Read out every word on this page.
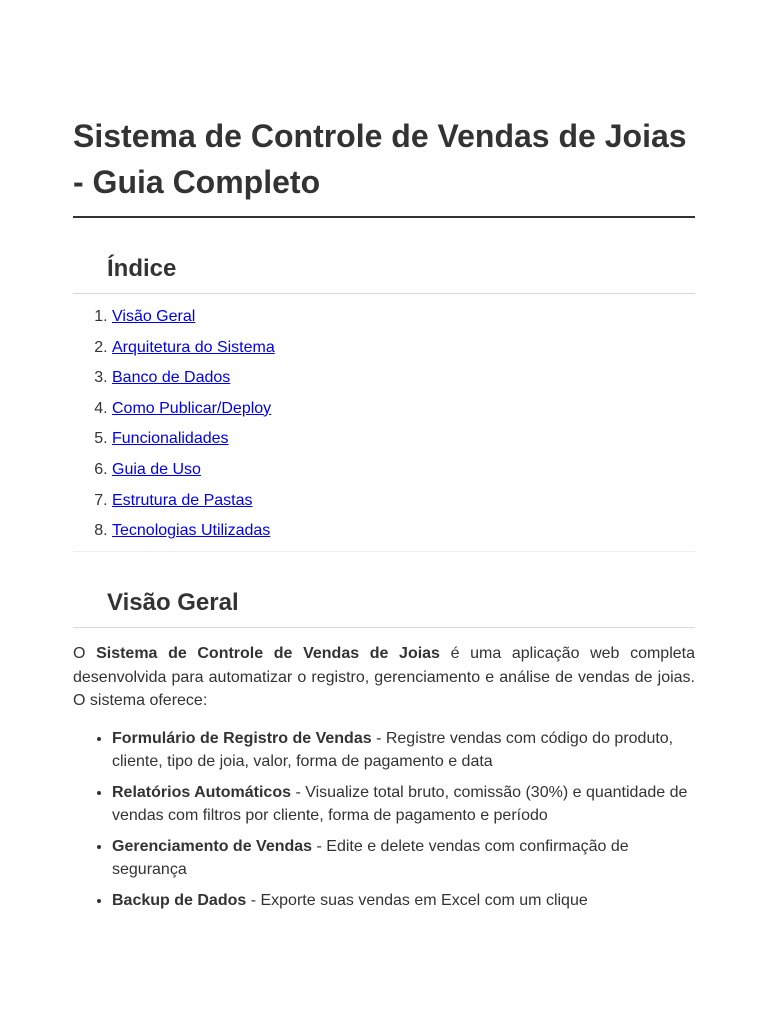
Sistema de Controle de Vendas de Joias - Guia Completo
Índice
1. Visão Geral
2. Arquitetura do Sistema
3. Banco de Dados
4. Como Publicar/Deploy
5. Funcionalidades
6. Guia de Uso
7. Estrutura de Pastas
8. Tecnologias Utilizadas
Visão Geral

O Sistema de Controle de Vendas de Joias é uma aplicação web completa desenvolvida para automatizar o registro, gerenciamento e análise de vendas de joias. O sistema oferece:

• Formulário de Registro de Vendas - Registre vendas com código do produto, cliente, tipo de joia, valor, forma de pagamento e data
• Relatórios Automáticos - Visualize total bruto, comissão (30%) e quantidade de vendas com filtros por cliente, forma de pagamento e período
• Gerenciamento de Vendas - Edite e delete vendas com confirmação de segurança
• Backup de Dados - Exporte suas vendas em Excel com um clique
